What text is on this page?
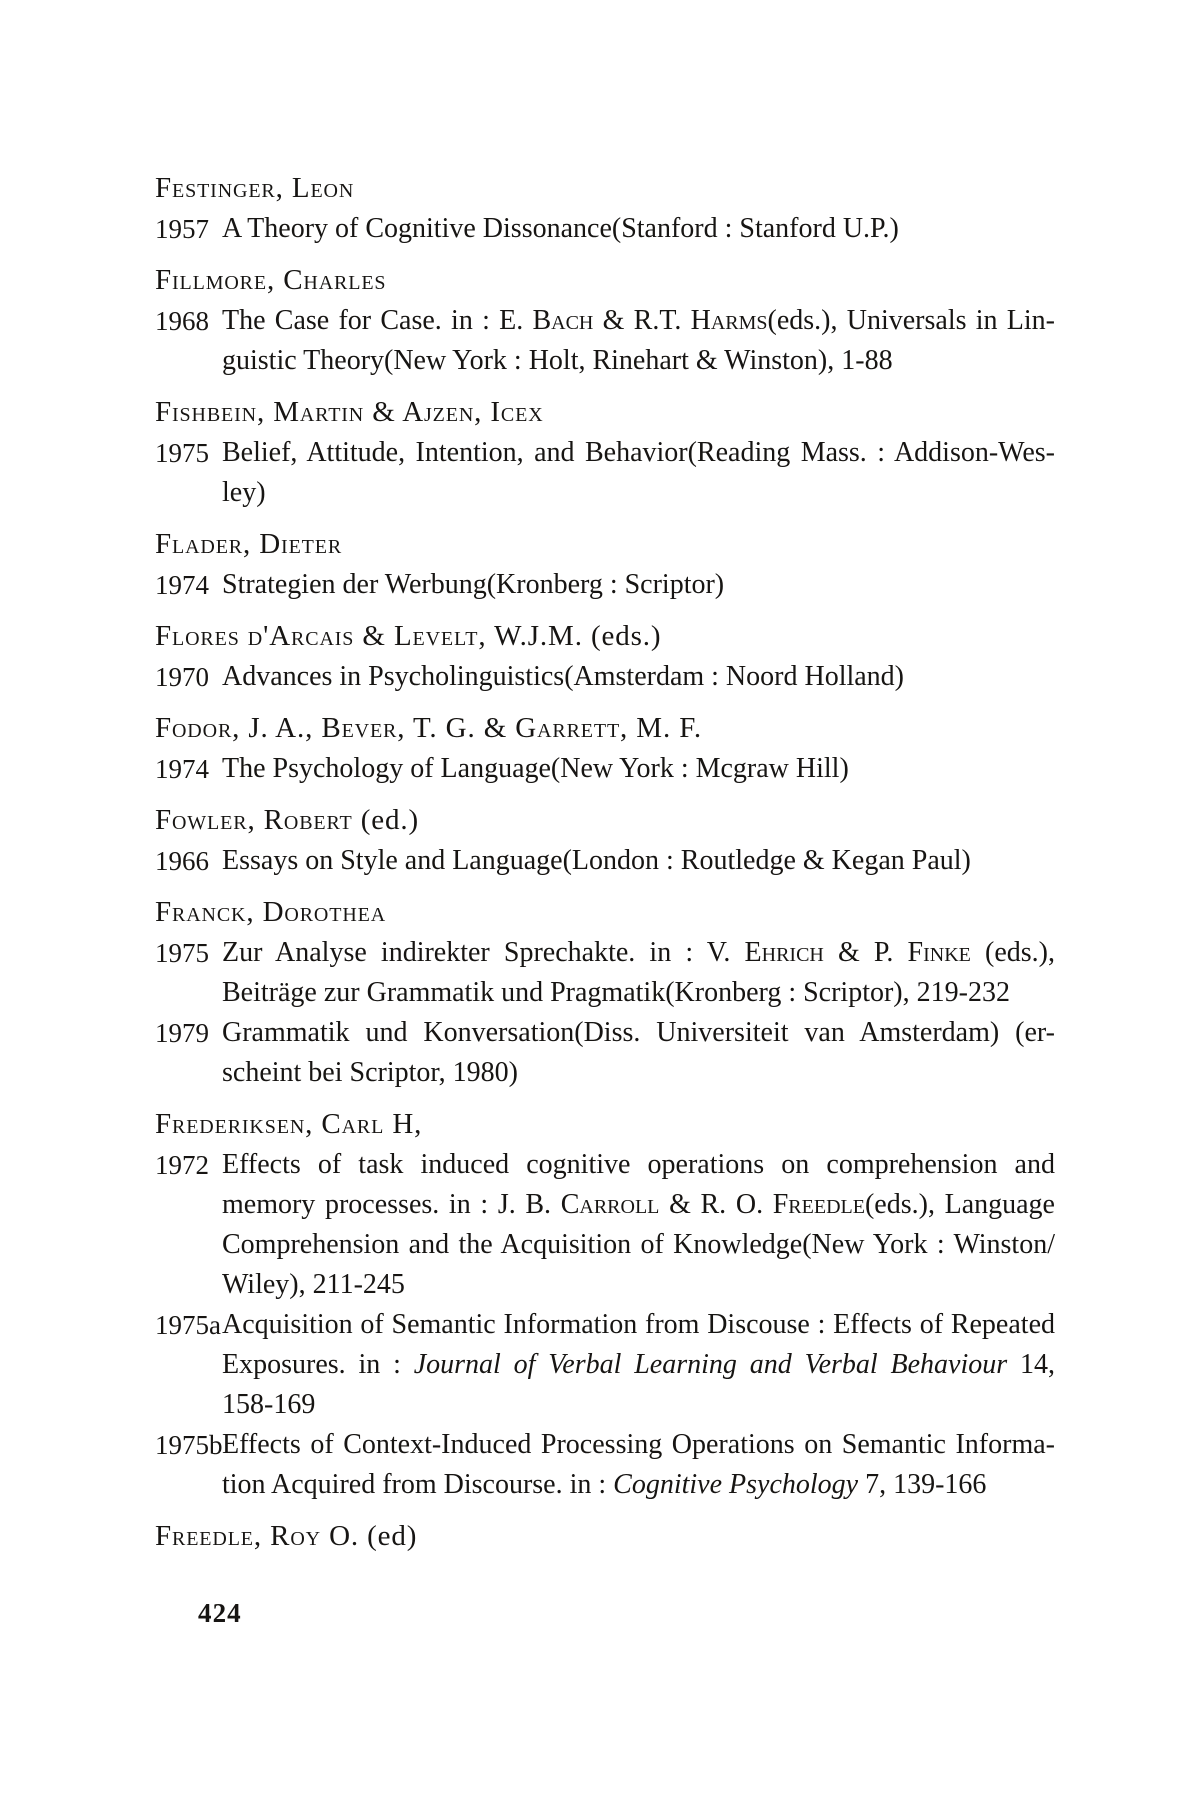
Festinger, Leon
1957 A Theory of Cognitive Dissonance(Stanford : Stanford U.P.)
Fillmore, Charles
1968 The Case for Case. in : E. Bach & R.T. Harms(eds.), Universals in Lin-
guistic Theory(New York : Holt, Rinehart & Winston), 1-88
Fishbein, Martin & Ajzen, Icex
1975 Belief, Attitude, Intention, and Behavior(Reading Mass. : Addison-Wes-
ley)
Flader, Dieter
1974 Strategien der Werbung(Kronberg : Scriptor)
Flores d'Arcais & Levelt, W.J.M. (eds.)
1970 Advances in Psycholinguistics(Amsterdam : Noord Holland)
Fodor, J. A., Bever, T. G. & Garrett, M. F.
1974 The Psychology of Language(New York : Mcgraw Hill)
Fowler, Robert (ed.)
1966 Essays on Style and Language(London : Routledge & Kegan Paul)
Franck, Dorothea
1975 Zur Analyse indirekter Sprechakte. in : V. Ehrich & P. Finke (eds.),
Beiträge zur Grammatik und Pragmatik(Kronberg : Scriptor), 219-232
1979 Grammatik und Konversation(Diss. Universiteit van Amsterdam) (er-
scheint bei Scriptor, 1980)
Frederiksen, Carl H,
1972 Effects of task induced cognitive operations on comprehension and
memory processes. in : J. B. Carroll & R. O. Freedle(eds.), Language
Comprehension and the Acquisition of Knowledge(New York : Winston/
Wiley), 211-245
1975a Acquisition of Semantic Information from Discouse : Effects of Repeated
Exposures. in : Journal of Verbal Learning and Verbal Behaviour 14,
158-169
1975b Effects of Context-Induced Processing Operations on Semantic Informa-
tion Acquired from Discourse. in : Cognitive Psychology 7, 139-166
Freedle, Roy O. (ed)
424
